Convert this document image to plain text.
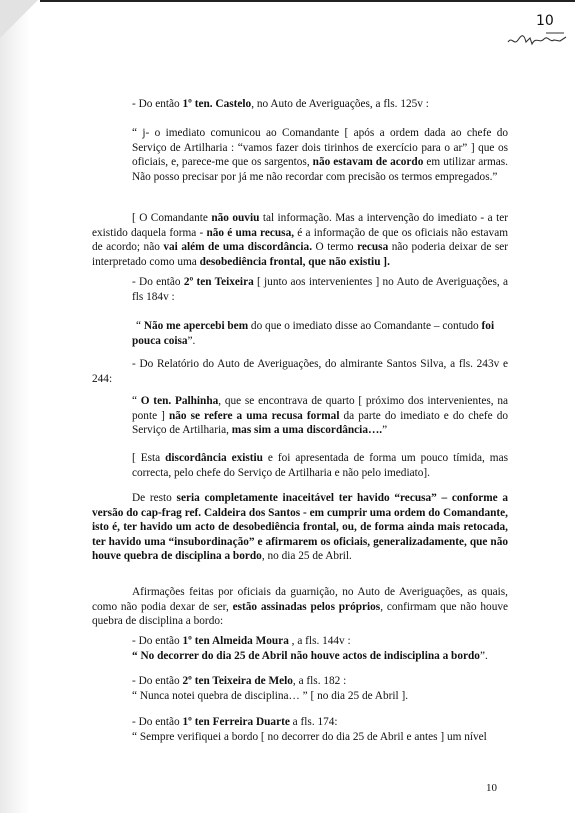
10

- Do então 1º ten. Castelo, no Auto de Averiguações, a fls. 125v :

“ j- o imediato comunicou ao Comandante [ após a ordem dada ao chefe do Serviço de Artilharia : “vamos fazer dois tirinhos de exercício para o ar” ] que os oficiais, e, parece-me que os sargentos, não estavam de acordo em utilizar armas. Não posso precisar por já me não recordar com precisão os termos empregados.”

[ O Comandante não ouviu tal informação. Mas a intervenção do imediato - a ter existido daquela forma - não é uma recusa, é a informação de que os oficiais não estavam de acordo; não vai além de uma discordância. O termo recusa não poderia deixar de ser interpretado como uma desobediência frontal, que não existiu ].

- Do então 2º ten Teixeira [ junto aos intervenientes ] no Auto de Averiguações, a fls 184v :

“ Não me apercebi bem do que o imediato disse ao Comandante – contudo foi pouca coisa”.

- Do Relatório do Auto de Averiguações, do almirante Santos Silva, a fls. 243v e 244:

“ O ten. Palhinha, que se encontrava de quarto [ próximo dos intervenientes, na ponte ] não se refere a uma recusa formal da parte do imediato e do chefe do Serviço de Artilharia, mas sim a uma discordância….”

[ Esta discordância existiu e foi apresentada de forma um pouco tímida, mas correcta, pelo chefe do Serviço de Artilharia e não pelo imediato].

De resto seria completamente inaceitável ter havido “recusa” – conforme a versão do cap-frag ref. Caldeira dos Santos - em cumprir uma ordem do Comandante, isto é, ter havido um acto de desobediência frontal, ou, de forma ainda mais retocada, ter havido uma “insubordinação” e afirmarem os oficiais, generalizadamente, que não houve quebra de disciplina a bordo, no dia 25 de Abril.

Afirmações feitas por oficiais da guarnição, no Auto de Averiguações, as quais, como não podia dexar de ser, estão assinadas pelos próprios, confirmam que não houve quebra de disciplina a bordo:

- Do então 1º ten Almeida Moura , a fls. 144v :
“ No decorrer do dia 25 de Abril não houve actos de indisciplina a bordo”.

- Do então 2º ten Teixeira de Melo, a fls. 182 :
“ Nunca notei quebra de disciplina… ” [ no dia 25 de Abril ].

- Do então 1º ten Ferreira Duarte a fls. 174:
“ Sempre verifiquei a bordo [ no decorrer do dia 25 de Abril e antes ] um nível

10
